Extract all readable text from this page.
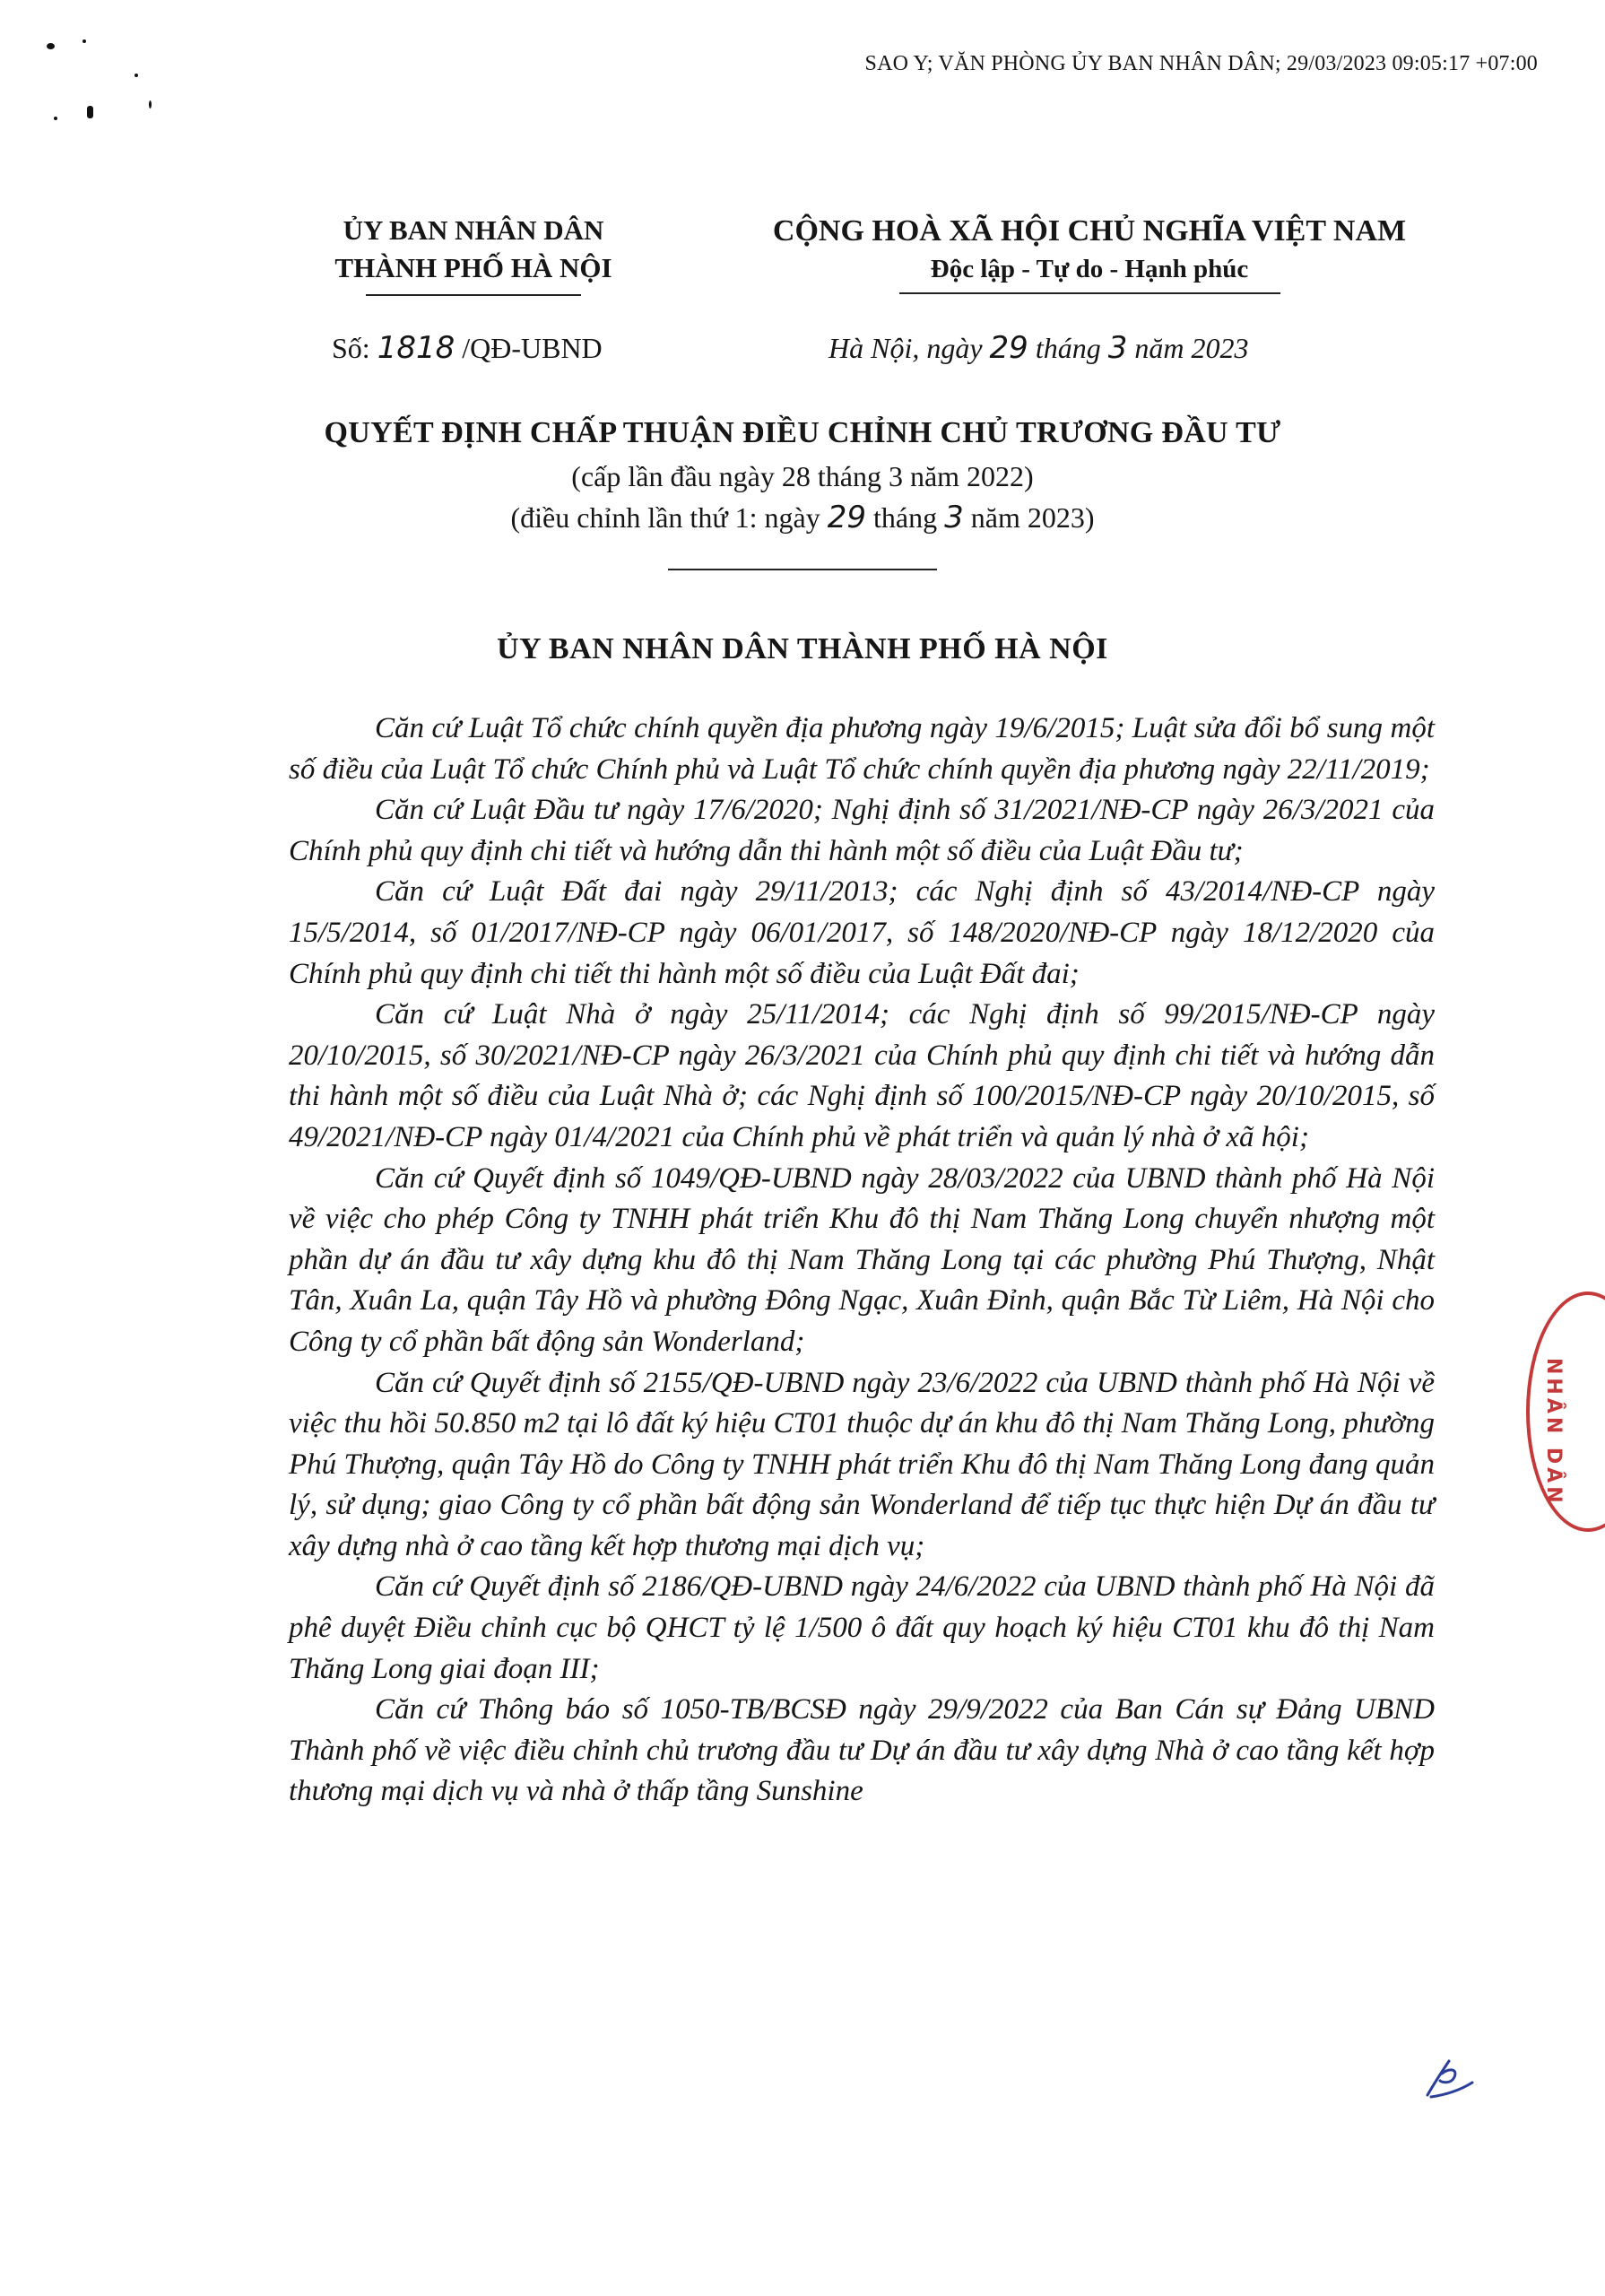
SAO Y; VĂN PHÒNG ỦY BAN NHÂN DÂN; 29/03/2023 09:05:17 +07:00
ỦY BAN NHÂN DÂN
THÀNH PHỐ HÀ NỘI
CỘNG HOÀ XÃ HỘI CHỦ NGHĨA VIỆT NAM
Độc lập - Tự do - Hạnh phúc
Số: 1818 /QĐ-UBND	Hà Nội, ngày 29 tháng 3 năm 2023
QUYẾT ĐỊNH CHẤP THUẬN ĐIỀU CHỈNH CHỦ TRƯƠNG ĐẦU TƯ
(cấp lần đầu ngày 28 tháng 3 năm 2022)
(điều chỉnh lần thứ 1: ngày 29 tháng 3 năm 2023)
ỦY BAN NHÂN DÂN THÀNH PHỐ HÀ NỘI

Căn cứ Luật Tổ chức chính quyền địa phương ngày 19/6/2015; Luật sửa đổi bổ sung một số điều của Luật Tổ chức Chính phủ và Luật Tổ chức chính quyền địa phương ngày 22/11/2019;

Căn cứ Luật Đầu tư ngày 17/6/2020; Nghị định số 31/2021/NĐ-CP ngày 26/3/2021 của Chính phủ quy định chi tiết và hướng dẫn thi hành một số điều của Luật Đầu tư;

Căn cứ Luật Đất đai ngày 29/11/2013; các Nghị định số 43/2014/NĐ-CP ngày 15/5/2014, số 01/2017/NĐ-CP ngày 06/01/2017, số 148/2020/NĐ-CP ngày 18/12/2020 của Chính phủ quy định chi tiết thi hành một số điều của Luật Đất đai;

Căn cứ Luật Nhà ở ngày 25/11/2014; các Nghị định số 99/2015/NĐ-CP ngày 20/10/2015, số 30/2021/NĐ-CP ngày 26/3/2021 của Chính phủ quy định chi tiết và hướng dẫn thi hành một số điều của Luật Nhà ở; các Nghị định số 100/2015/NĐ-CP ngày 20/10/2015, số 49/2021/NĐ-CP ngày 01/4/2021 của Chính phủ về phát triển và quản lý nhà ở xã hội;

Căn cứ Quyết định số 1049/QĐ-UBND ngày 28/03/2022 của UBND thành phố Hà Nội về việc cho phép Công ty TNHH phát triển Khu đô thị Nam Thăng Long chuyển nhượng một phần dự án đầu tư xây dựng khu đô thị Nam Thăng Long tại các phường Phú Thượng, Nhật Tân, Xuân La, quận Tây Hồ và phường Đông Ngạc, Xuân Đỉnh, quận Bắc Từ Liêm, Hà Nội cho Công ty cổ phần bất động sản Wonderland;

Căn cứ Quyết định số 2155/QĐ-UBND ngày 23/6/2022 của UBND thành phố Hà Nội về việc thu hồi 50.850 m2 tại lô đất ký hiệu CT01 thuộc dự án khu đô thị Nam Thăng Long, phường Phú Thượng, quận Tây Hồ do Công ty TNHH phát triển Khu đô thị Nam Thăng Long đang quản lý, sử dụng; giao Công ty cổ phần bất động sản Wonderland để tiếp tục thực hiện Dự án đầu tư xây dựng nhà ở cao tầng kết hợp thương mại dịch vụ;

Căn cứ Quyết định số 2186/QĐ-UBND ngày 24/6/2022 của UBND thành phố Hà Nội đã phê duyệt Điều chỉnh cục bộ QHCT tỷ lệ 1/500 ô đất quy hoạch ký hiệu CT01 khu đô thị Nam Thăng Long giai đoạn III;

Căn cứ Thông báo số 1050-TB/BCSĐ ngày 29/9/2022 của Ban Cán sự Đảng UBND Thành phố về việc điều chỉnh chủ trương đầu tư Dự án đầu tư xây dựng Nhà ở cao tầng kết hợp thương mại dịch vụ và nhà ở thấp tầng Sunshine

NHÂN DÂN
